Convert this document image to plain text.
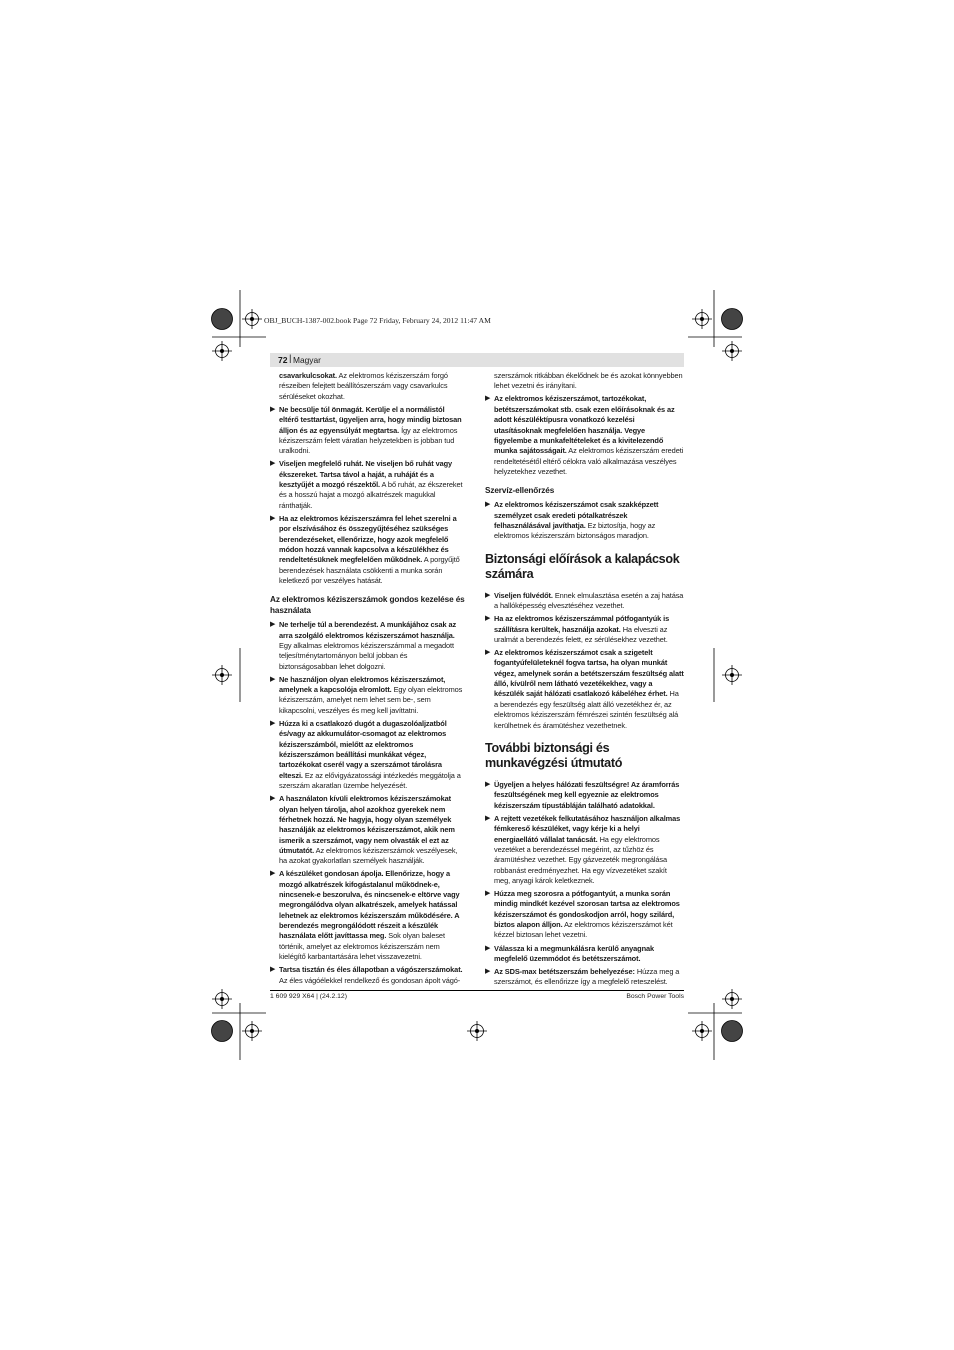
OBJ_BUCH-1387-002.book Page 72 Friday, February 24, 2012 11:47 AM
72 | Magyar

csavarkulcsokat. Az elektromos kéziszerszám forgó részeiben felejtett beállítószerszám vagy csavarkulcs sérüléseket okozhat.

▶ Ne becsülje túl önmagát. Kerülje el a normálistól eltérő testtartást, ügyeljen arra, hogy mindig biztosan álljon és az egyensúlyát megtartsa. Így az elektromos kéziszerszám felett váratlan helyzetekben is jobban tud uralkodni.

▶ Viseljen megfelelő ruhát. Ne viseljen bő ruhát vagy ékszereket. Tartsa távol a haját, a ruháját és a kesztyűjét a mozgó részektől. A bő ruhát, az ékszereket és a hosszú hajat a mozgó alkatrészek magukkal ránthatják.

▶ Ha az elektromos kéziszerszámra fel lehet szerelni a por elszívásához és összegyűjtéséhez szükséges berendezéseket, ellenőrizze, hogy azok megfelelő módon hozzá vannak kapcsolva a készülékhez és rendeltetésüknek megfelelően működnek. A porgyűjtő berendezések használata csökkenti a munka során keletkező por veszélyes hatását.

Az elektromos kéziszerszámok gondos kezelése és használata

▶ Ne terhelje túl a berendezést. A munkájához csak az arra szolgáló elektromos kéziszerszámot használja. Egy alkalmas elektromos kéziszerszámmal a megadott teljesítménytartományon belül jobban és biztonságosabban lehet dolgozni.

▶ Ne használjon olyan elektromos kéziszerszámot, amelynek a kapcsolója elromlott. Egy olyan elektromos kéziszerszám, amelyet nem lehet sem be-, sem kikapcsolni, veszélyes és meg kell javíttatni.

▶ Húzza ki a csatlakozó dugót a dugaszolóaljzatból és/vagy az akkumulátor-csomagot az elektromos kéziszerszámból, mielőtt az elektromos kéziszerszámon beállítási munkákat végez, tartozékokat cserél vagy a szerszámot tárolásra elteszi. Ez az elővigyázatossági intézkedés meggátolja a szerszám akaratlan üzembe helyezését.

▶ A használaton kívüli elektromos kéziszerszámokat olyan helyen tárolja, ahol azokhoz gyerekek nem férhetnek hozzá. Ne hagyja, hogy olyan személyek használják az elektromos kéziszerszámot, akik nem ismerik a szerszámot, vagy nem olvasták el ezt az útmutatót. Az elektromos kéziszerszámok veszélyesek, ha azokat gyakorlatlan személyek használják.

▶ A készüléket gondosan ápolja. Ellenőrizze, hogy a mozgó alkatrészek kifogástalanul működnek-e, nincsenek-e beszorulva, és nincsenek-e eltörve vagy megrongálódva olyan alkatrészek, amelyek hatással lehetnek az elektromos kéziszerszám működésére. A berendezés megrongálódott részeit a készülék használata előtt javíttassa meg. Sok olyan baleset történik, amelyet az elektromos kéziszerszám nem kielégítő karbantartására lehet visszavezetni.

▶ Tartsa tisztán és éles állapotban a vágószerszámokat. Az éles vágóélekkel rendelkező és gondosan ápolt vágó-

szerszámok ritkábban ékelődnek be és azokat könnyebben lehet vezetni és irányítani.

▶ Az elektromos kéziszerszámot, tartozékokat, betétszerszámokat stb. csak ezen előírásoknak és az adott készüléktípusra vonatkozó kezelési utasításoknak megfelelően használja. Vegye figyelembe a munkafeltételeket és a kivitelezendő munka sajátosságait. Az elektromos kéziszerszám eredeti rendeltetésétől eltérő célokra való alkalmazása veszélyes helyzetekhez vezethet.

Szervíz-ellenőrzés

▶ Az elektromos kéziszerszámot csak szakképzett személyzet csak eredeti pótalkatrészek felhasználásával javíthatja. Ez biztosítja, hogy az elektromos kéziszerszám biztonságos maradjon.

Biztonsági előírások a kalapácsok számára

▶ Viseljen fülvédőt. Ennek elmulasztása esetén a zaj hatása a hallóképesség elvesztéséhez vezethet.

▶ Ha az elektromos kéziszerszámmal pótfogantyúk is szállításra kerültek, használja azokat. Ha elveszti az uralmát a berendezés felett, ez sérülésekhez vezethet.

▶ Az elektromos kéziszerszámot csak a szigetelt fogantyúfelületeknél fogva tartsa, ha olyan munkát végez, amelynek során a betétszerszám feszültség alatt álló, kívülről nem látható vezetékekhez, vagy a készülék saját hálózati csatlakozó kábeléhez érhet. Ha a berendezés egy feszültség alatt álló vezetékhez ér, az elektromos kéziszerszám fémrészei szintén feszültség alá kerülhetnek és áramütéshez vezethetnek.

További biztonsági és munkavégzési útmutató

▶ Ügyeljen a helyes hálózati feszültségre! Az áramforrás feszültségének meg kell egyeznie az elektromos kéziszerszám típustábláján található adatokkal.

▶ A rejtett vezetékek felkutatásához használjon alkalmas fémkereső készüléket, vagy kérje ki a helyi energiaellátó vállalat tanácsát. Ha egy elektromos vezetéket a berendezéssel megérint, az tűzhöz és áramütéshez vezethet. Egy gázvezeték megrongálása robbanást eredményezhet. Ha egy vízvezetéket szakít meg, anyagi károk keletkeznek.

▶ Húzza meg szorosra a pótfogantyút, a munka során mindig mindkét kezével szorosan tartsa az elektromos kéziszerszámot és gondoskodjon arról, hogy szilárd, biztos alapon álljon. Az elektromos kéziszerszámot két kézzel biztosan lehet vezetni.

▶ Válassza ki a megmunkálásra kerülő anyagnak megfelelő üzemmódot és betétszerszámot.

▶ Az SDS-max betétszerszám behelyezése: Húzza meg a szerszámot, és ellenőrizze így a megfelelő reteszelést.

1 609 929 X64 | (24.2.12)	Bosch Power Tools
